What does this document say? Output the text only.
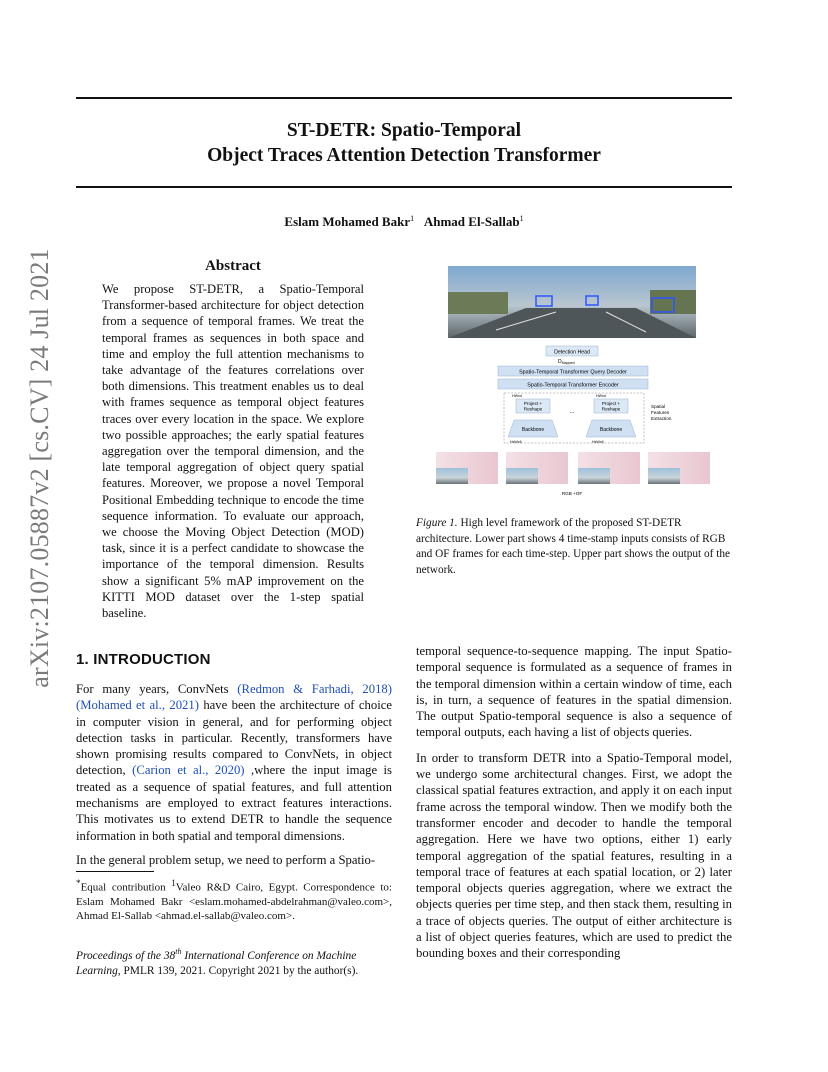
ST-DETR: Spatio-Temporal
Object Traces Attention Detection Transformer
Eslam Mohamed Bakr$^1$ Ahmad El-Sallab$^1$
arXiv:2107.05887v2 [cs.CV] 24 Jul 2021	Abstract
We propose ST-DETR, a Spatio-Temporal Transformer-based architecture for object detection from a sequence of temporal frames. We treat the temporal frames as sequences in both space and time and employ the full attention mechanisms to take advantage of the features correlations over both dimensions. This treatment enables us to deal with frames sequence as temporal object features traces over every location in the space. We explore two possible approaches; the early spatial features aggregation over the temporal dimension, and the late temporal aggregation of object query spatial features. Moreover, we propose a novel Temporal Positional Embedding technique to encode the time sequence information. To evaluate our approach, we choose the Moving Object Detection (MOD) task, since it is a perfect candidate to showcase the importance of the temporal dimension. Results show a significant 5% mAP improvement on the KITTI MOD dataset over the 1-step spatial baseline.
Detection Head
$D_{Mapped}$
Spatio-Temporal Transformer Query Decoder
Spatio-Temporal Transformer Encoder
HWxd	HWxd
Project +
Reshape
Project +
Reshape
...
Backbone	Backbone
HxWx6	HxWx6
Spatial
Features
Extraction
RGB +OF
Figure 1. High level framework of the proposed ST-DETR architecture. Lower part shows 4 time-stamp inputs consists of RGB and OF frames for each time-step. Upper part shows the output of the network.
1. INTRODUCTION

For many years, ConvNets (Redmon & Farhadi, 2018) (Mohamed et al., 2021) have been the architecture of choice in computer vision in general, and for performing object detection tasks in particular. Recently, transformers have shown promising results compared to ConvNets, in object detection, (Carion et al., 2020) ,where the input image is treated as a sequence of spatial features, and full attention mechanisms are employed to extract features interactions. This motivates us to extend DETR to handle the sequence information in both spatial and temporal dimensions.

In the general problem setup, we need to perform a Spatio-

*Equal contribution $^1$Valeo R&D Cairo, Egypt. Correspondence to: Eslam Mohamed Bakr <eslam.mohamed-abdelrahman@valeo.com>, Ahmad El-Sallab <ahmad.el-sallab@valeo.com>.
Proceedings of the 38th International Conference on Machine Learning, PMLR 139, 2021. Copyright 2021 by the author(s).

temporal sequence-to-sequence mapping. The input Spatio-temporal sequence is formulated as a sequence of frames in the temporal dimension within a certain window of time, each is, in turn, a sequence of features in the spatial dimension. The output Spatio-temporal sequence is also a sequence of temporal outputs, each having a list of objects queries.

In order to transform DETR into a Spatio-Temporal model, we undergo some architectural changes. First, we adopt the classical spatial features extraction, and apply it on each input frame across the temporal window. Then we modify both the transformer encoder and decoder to handle the temporal aggregation. Here we have two options, either 1) early temporal aggregation of the spatial features, resulting in a temporal trace of features at each spatial location, or 2) later temporal objects queries aggregation, where we extract the objects queries per time step, and then stack them, resulting in a trace of objects queries. The output of either architecture is a list of object queries features, which are used to predict the bounding boxes and their corresponding
